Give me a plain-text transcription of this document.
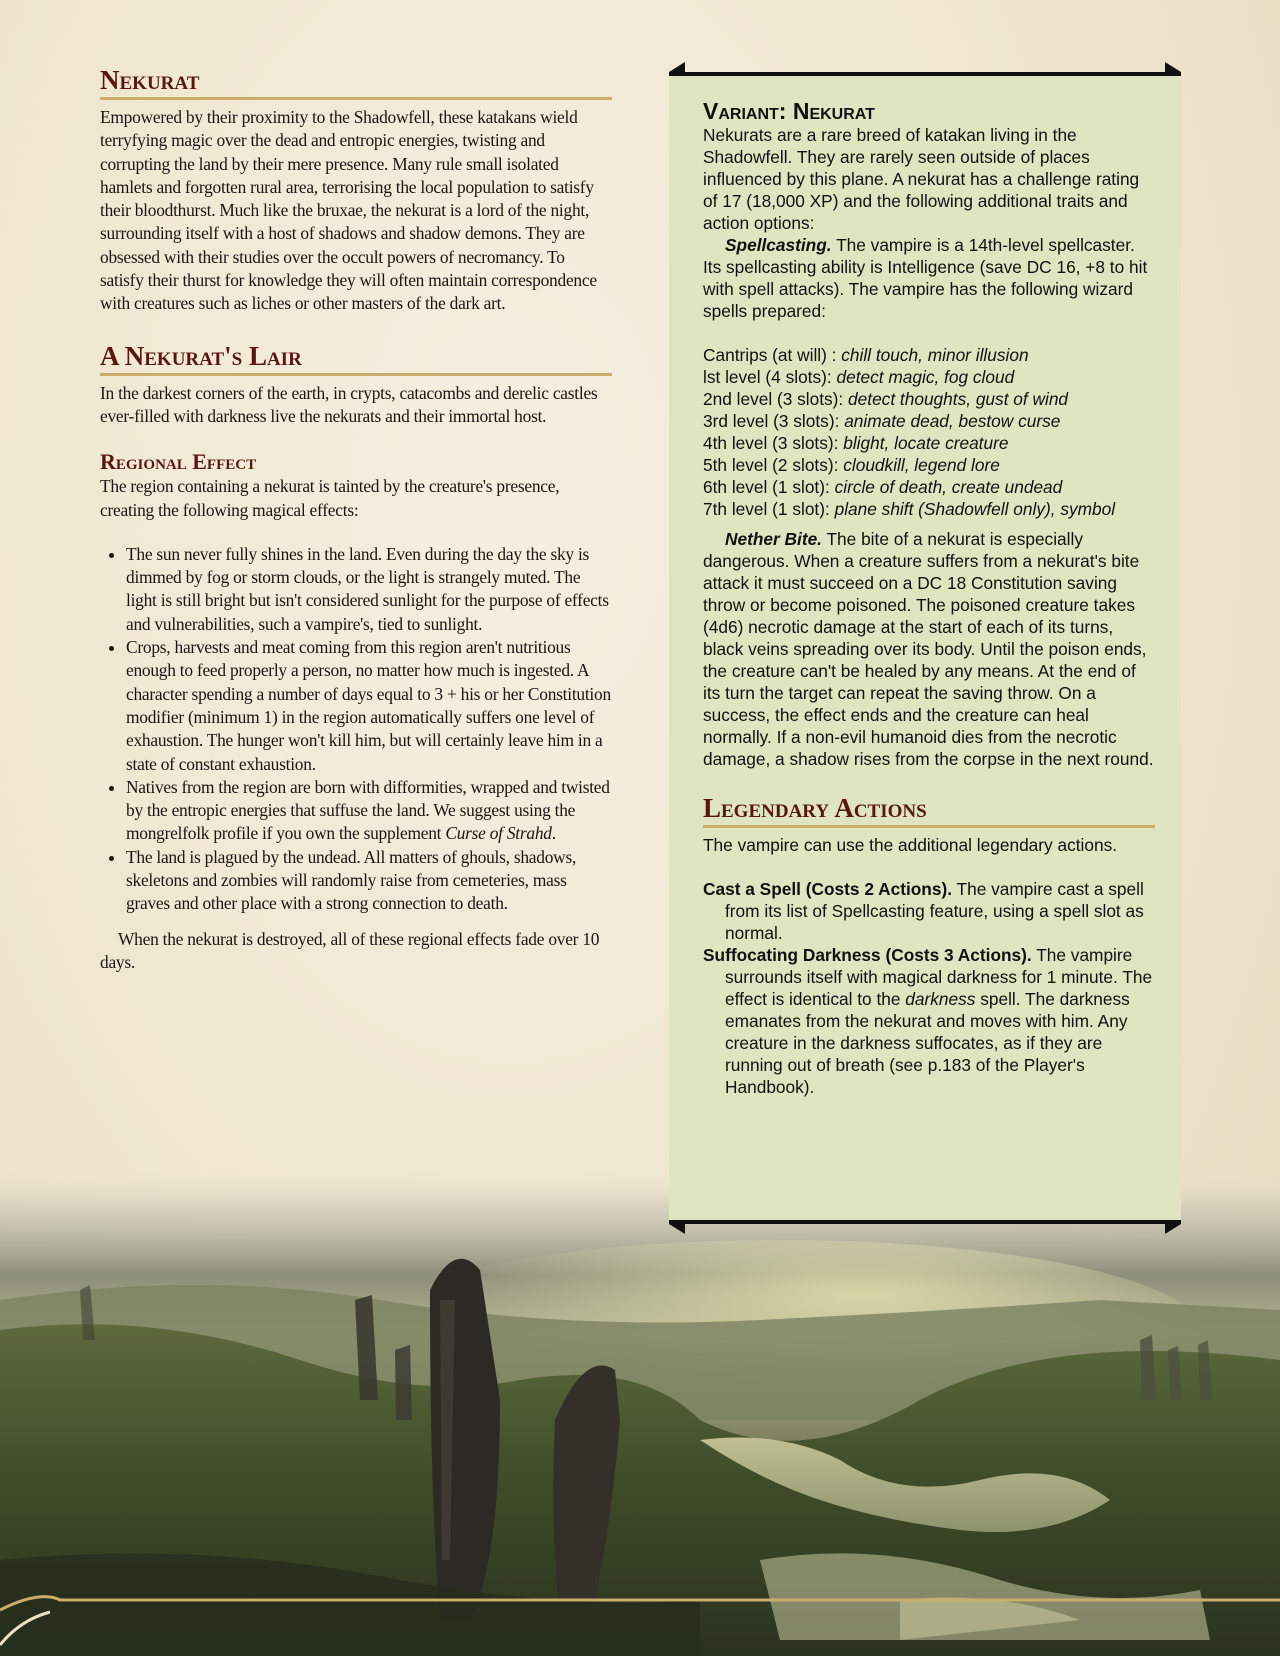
Nekurat

Empowered by their proximity to the Shadowfell, these katakans wield terryfying magic over the dead and entropic energies, twisting and corrupting the land by their mere presence. Many rule small isolated hamlets and forgotten rural area, terrorising the local population to satisfy their bloodthurst. Much like the bruxae, the nekurat is a lord of the night, surrounding itself with a host of shadows and shadow demons. They are obsessed with their studies over the occult powers of necromancy. To satisfy their thurst for knowledge they will often maintain correspondence with creatures such as liches or other masters of the dark art.

A Nekurat's Lair

In the darkest corners of the earth, in crypts, catacombs and derelic castles ever-filled with darkness live the nekurats and their immortal host.

Regional Effect

The region containing a nekurat is tainted by the creature's presence, creating the following magical effects:

• The sun never fully shines in the land. Even during the day the sky is dimmed by fog or storm clouds, or the light is strangely muted. The light is still bright but isn't considered sunlight for the purpose of effects and vulnerabilities, such a vampire's, tied to sunlight.
• Crops, harvests and meat coming from this region aren't nutritious enough to feed properly a person, no matter how much is ingested. A character spending a number of days equal to 3 + his or her Constitution modifier (minimum 1) in the region automatically suffers one level of exhaustion. The hunger won't kill him, but will certainly leave him in a state of constant exhaustion.
• Natives from the region are born with difformities, wrapped and twisted by the entropic energies that suffuse the land. We suggest using the mongrelfolk profile if you own the supplement Curse of Strahd.
• The land is plagued by the undead. All matters of ghouls, shadows, skeletons and zombies will randomly raise from cemeteries, mass graves and other place with a strong connection to death.

When the nekurat is destroyed, all of these regional effects fade over 10 days.

Variant: Nekurat

Nekurats are a rare breed of katakan living in the Shadowfell. They are rarely seen outside of places influenced by this plane. A nekurat has a challenge rating of 17 (18,000 XP) and the following additional traits and action options:

Spellcasting. The vampire is a 14th-level spellcaster. Its spellcasting ability is Intelligence (save DC 16, +8 to hit with spell attacks). The vampire has the following wizard spells prepared:

Cantrips (at will) : chill touch, minor illusion
lst level (4 slots): detect magic, fog cloud
2nd level (3 slots): detect thoughts, gust of wind
3rd level (3 slots): animate dead, bestow curse
4th level (3 slots): blight, locate creature
5th level (2 slots): cloudkill, legend lore
6th level (1 slot): circle of death, create undead
7th level (1 slot): plane shift (Shadowfell only), symbol

Nether Bite. The bite of a nekurat is especially dangerous. When a creature suffers from a nekurat's bite attack it must succeed on a DC 18 Constitution saving throw or become poisoned. The poisoned creature takes (4d6) necrotic damage at the start of each of its turns, black veins spreading over its body. Until the poison ends, the creature can't be healed by any means. At the end of its turn the target can repeat the saving throw. On a success, the effect ends and the creature can heal normally. If a non-evil humanoid dies from the necrotic damage, a shadow rises from the corpse in the next round.

Legendary Actions

The vampire can use the additional legendary actions.

Cast a Spell (Costs 2 Actions). The vampire cast a spell from its list of Spellcasting feature, using a spell slot as normal.

Suffocating Darkness (Costs 3 Actions). The vampire surrounds itself with magical darkness for 1 minute. The effect is identical to the darkness spell. The darkness emanates from the nekurat and moves with him. Any creature in the darkness suffocates, as if they are running out of breath (see p.183 of the Player's Handbook).
